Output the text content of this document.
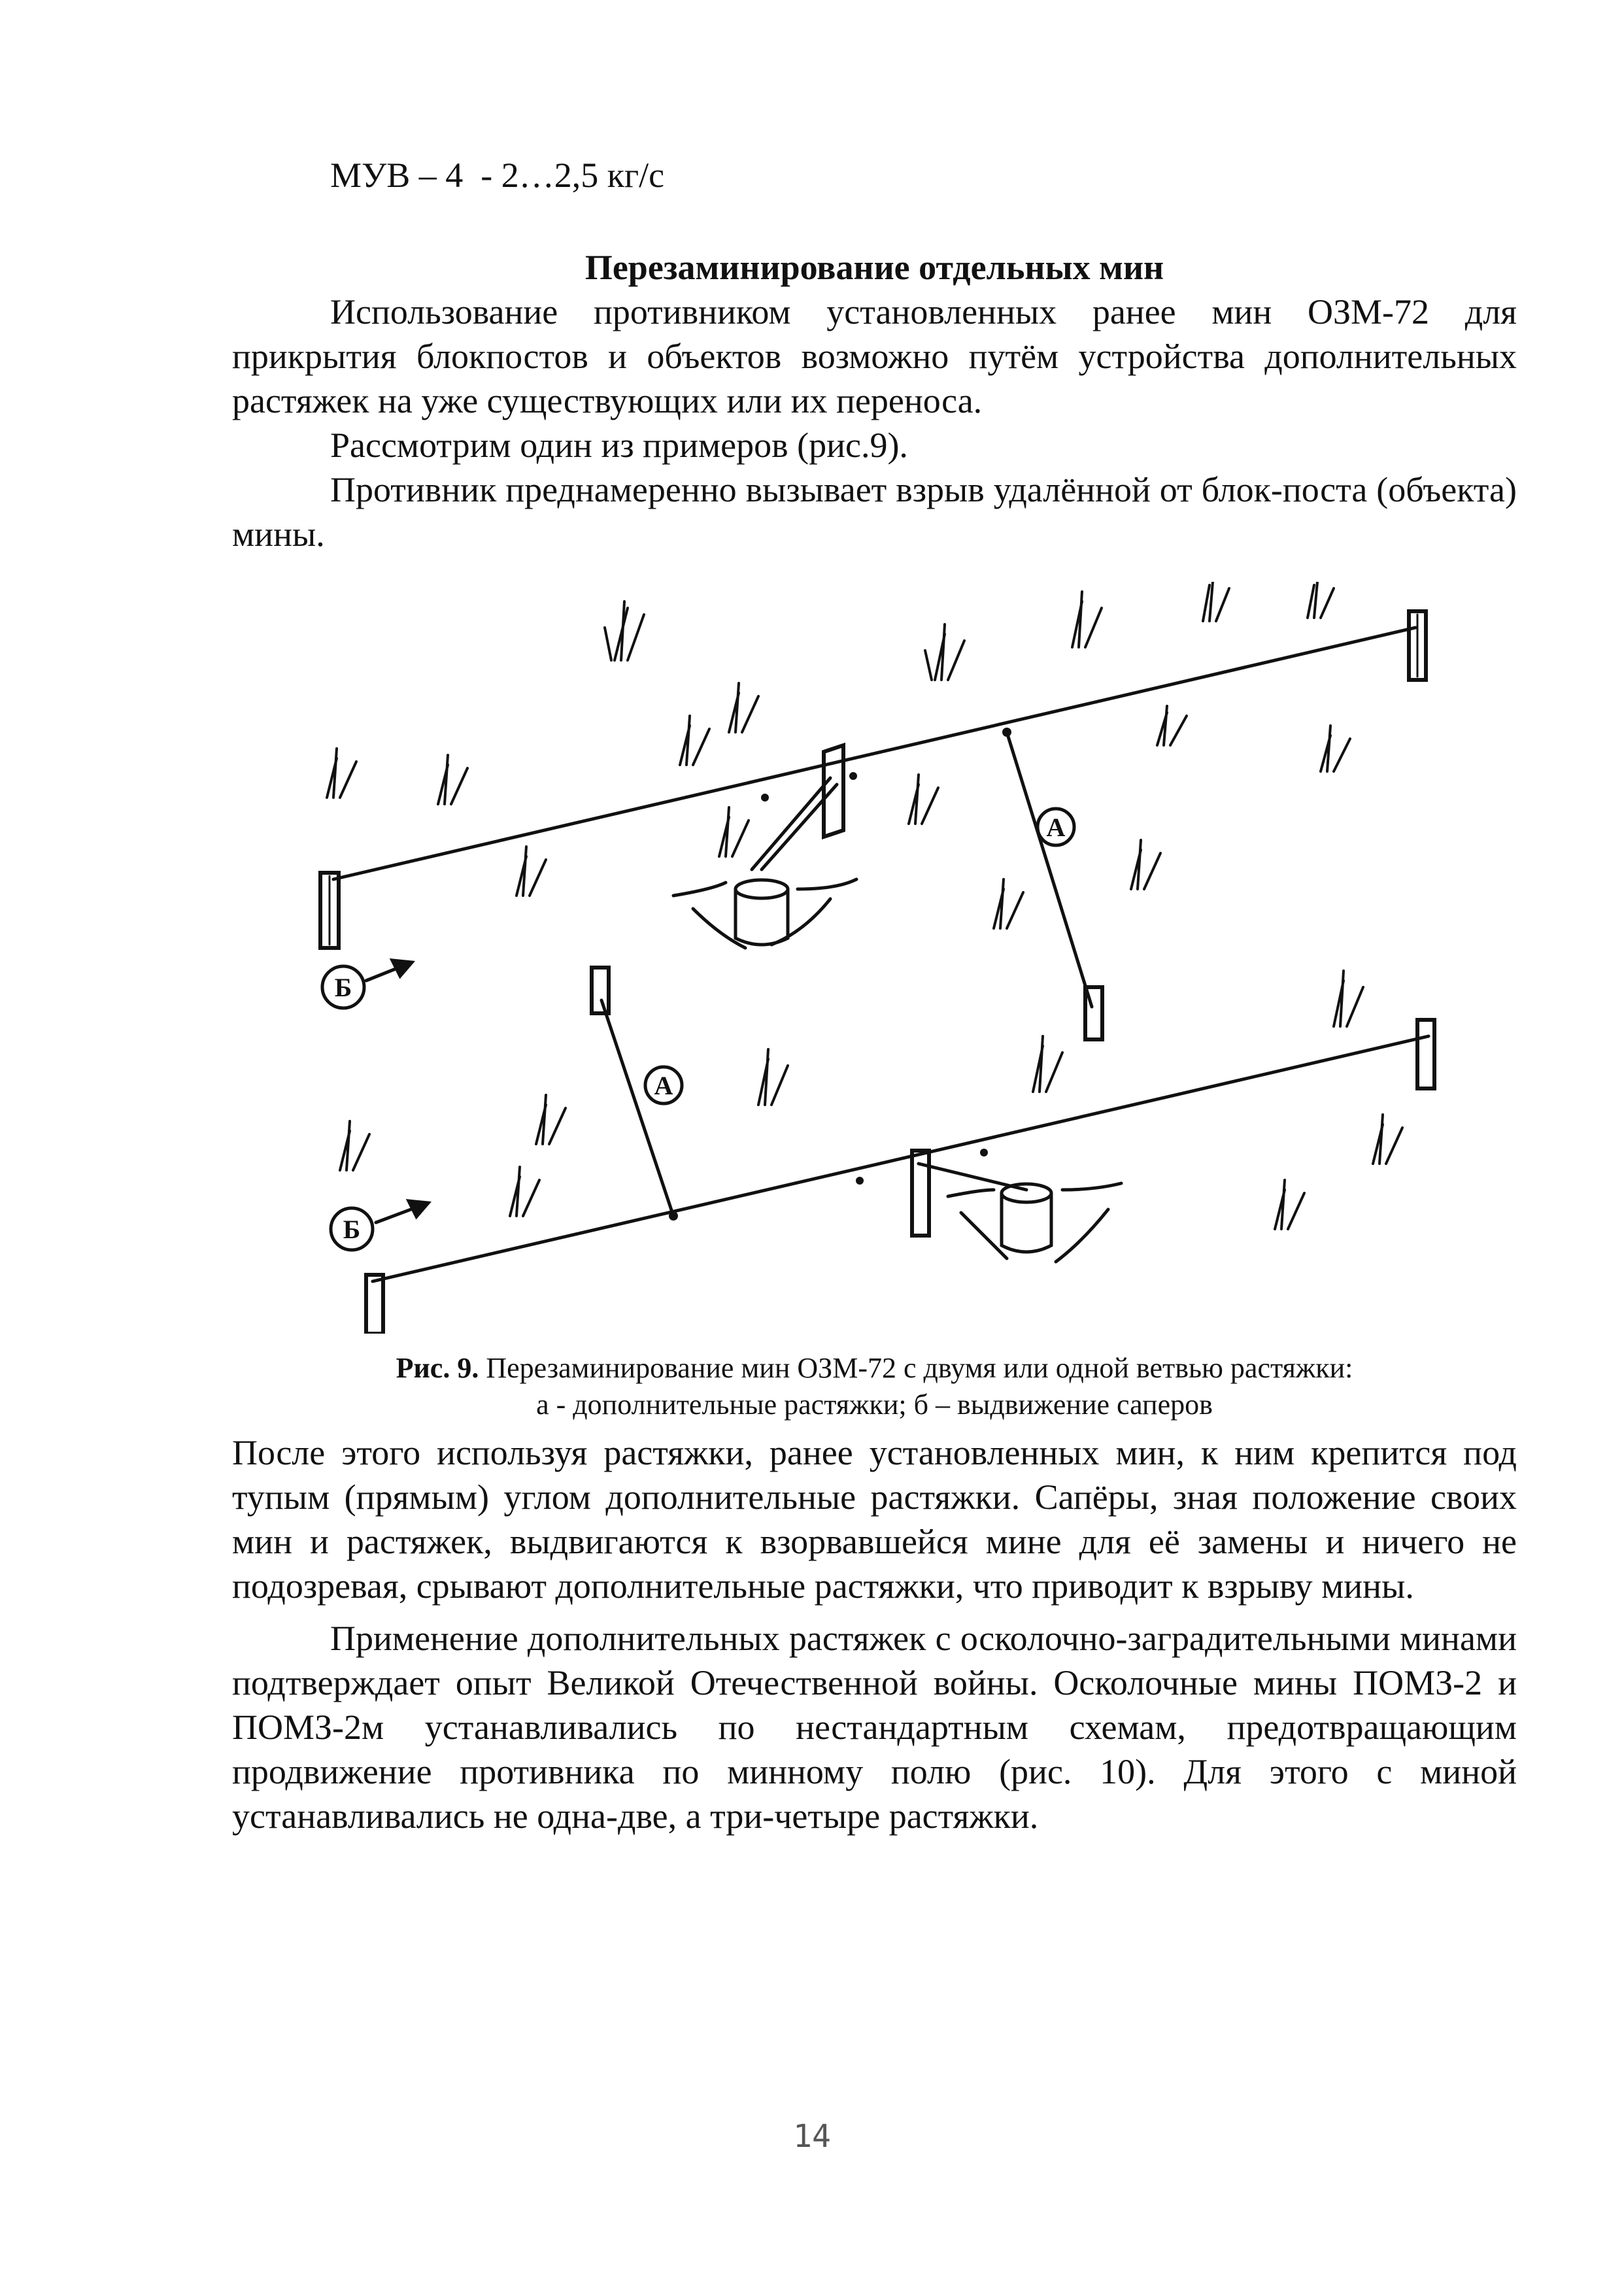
МУВ – 4  - 2…2,5 кг/с
Перезаминирование отдельных мин

Использование противником установленных ранее мин ОЗМ-72 для прикрытия блокпостов и объектов возможно путём устройства дополнительных растяжек на уже существующих или их переноса.

Рассмотрим один из примеров (рис.9).

Противник преднамеренно вызывает взрыв удалённой от блок-поста (объекта) мины.

А
А
Б
Б
Рис. 9. Перезаминирование мин ОЗМ-72 с двумя или одной ветвью растяжки:
а - дополнительные растяжки; б – выдвижение саперов

После этого используя растяжки, ранее установленных мин, к ним крепится под тупым (прямым) углом дополнительные растяжки. Сапёры, зная положение своих мин и растяжек, выдвигаются к взорвавшейся мине для её замены и ничего не подозревая, срывают дополнительные растяжки, что приводит к взрыву мины.

Применение дополнительных растяжек с осколочно-заградительными минами подтверждает опыт Великой Отечественной войны. Осколочные мины ПОМЗ-2 и ПОМЗ-2м устанавливались по нестандартным схемам, предотвращающим продвижение противника по минному полю (рис. 10). Для этого с миной устанавливались не одна-две, а три-четыре растяжки.

14
